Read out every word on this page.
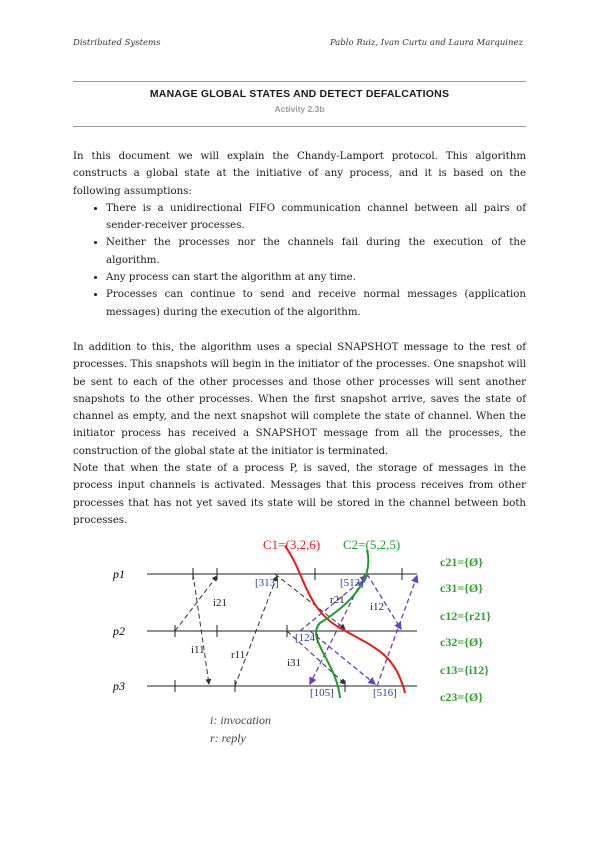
Distributed Systems	Pablo Ruiz, Ivan Curtu and Laura Marquinez
MANAGE GLOBAL STATES AND DETECT DEFALCATIONS
Activity 2.3b
In this document we will explain the Chandy-Lamport protocol. This algorithm constructs a global state at the initiative of any process, and it is based on the following assumptions:
• There is a unidirectional FIFO communication channel between all pairs of sender-receiver processes.
• Neither the processes nor the channels fail during the execution of the algorithm.
• Any process can start the algorithm at any time.
• Processes can continue to send and receive normal messages (application messages) during the execution of the algorithm.

In addition to this, the algorithm uses a special SNAPSHOT message to the rest of processes. This snapshots will begin in the initiator of the processes. One snapshot will be sent to each of the other processes and those other processes will sent another snapshots to the other processes. When the first snapshot arrive, saves the state of channel as empty, and the next snapshot will complete the state of channel. When the initiator process has received a SNAPSHOT message from all the processes, the construction of the global state at the initiator is terminated.

Note that when the state of a process P, is saved, the storage of messages in the process input channels is activated. Messages that this process receives from other processes that has not yet saved its state will be stored in the channel between both processes.

p1
p2
p3
C1=(3,2,6) C2=(5,2,5)
[313]	[513]
[124]
[105]	[516]
i21
i11 r11
r21
i12
i31
c21={Ø}
c31={Ø}
c12={r21}
c32={Ø}
c13={i12}
c23={Ø}
i: invocation
r: reply
